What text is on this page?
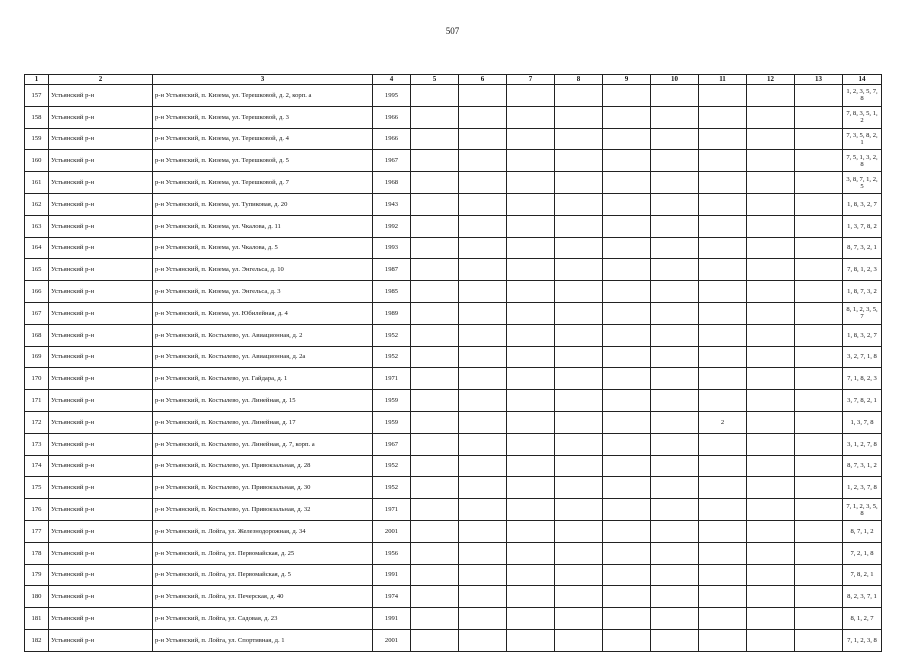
507
1	2	3	4	5	6	7	8	9	10	11	12	13	14
157	Устьянский р-н	р-н Устьянский, п. Кизема, ул. Терешковой, д. 2, корп. а	1995										1, 2, 3, 5, 7, 8
158	Устьянский р-н	р-н Устьянский, п. Кизема, ул. Терешковой, д. 3	1966										7, 8, 3, 5, 1, 2
159	Устьянский р-н	р-н Устьянский, п. Кизема, ул. Терешковой, д. 4	1966										7, 3, 5, 8, 2, 1
160	Устьянский р-н	р-н Устьянский, п. Кизема, ул. Терешковой, д. 5	1967										7, 5, 1, 3, 2, 8
161	Устьянский р-н	р-н Устьянский, п. Кизема, ул. Терешковой, д. 7	1968										3, 8, 7, 1, 2, 5
162	Устьянский р-н	р-н Устьянский, п. Кизема, ул. Тупиковая, д. 20	1943										1, 8, 3, 2, 7
163	Устьянский р-н	р-н Устьянский, п. Кизема, ул. Чкалова, д. 11	1992										1, 3, 7, 8, 2
164	Устьянский р-н	р-н Устьянский, п. Кизема, ул. Чкалова, д. 5	1993										8, 7, 3, 2, 1
165	Устьянский р-н	р-н Устьянский, п. Кизема, ул. Энгельса, д. 10	1987										7, 8, 1, 2, 3
166	Устьянский р-н	р-н Устьянский, п. Кизема, ул. Энгельса, д. 3	1985										1, 8, 7, 3, 2
167	Устьянский р-н	р-н Устьянский, п. Кизема, ул. Юбилейная, д. 4	1989										8, 1, 2, 3, 5, 7
168	Устьянский р-н	р-н Устьянский, п. Костылево, ул. Авиационная, д. 2	1952										1, 8, 3, 2, 7
169	Устьянский р-н	р-н Устьянский, п. Костылево, ул. Авиационная, д. 2а	1952										3, 2, 7, 1, 8
170	Устьянский р-н	р-н Устьянский, п. Костылево, ул. Гайдара, д. 1	1971										7, 1, 8, 2, 3
171	Устьянский р-н	р-н Устьянский, п. Костылево, ул. Линейная, д. 15	1959										3, 7, 8, 2, 1
172	Устьянский р-н	р-н Устьянский, п. Костылево, ул. Линейная, д. 17	1959							2			1, 3, 7, 8
173	Устьянский р-н	р-н Устьянский, п. Костылево, ул. Линейная, д. 7, корп. а	1967										3, 1, 2, 7, 8
174	Устьянский р-н	р-н Устьянский, п. Костылево, ул. Привокзальная, д. 28	1952										8, 7, 3, 1, 2
175	Устьянский р-н	р-н Устьянский, п. Костылево, ул. Привокзальная, д. 30	1952										1, 2, 3, 7, 8
176	Устьянский р-н	р-н Устьянский, п. Костылево, ул. Привокзальная, д. 32	1971										7, 1, 2, 3, 5, 8
177	Устьянский р-н	р-н Устьянский, п. Лойга, ул. Железнодорожная, д. 34	2001										8, 7, 1, 2
178	Устьянский р-н	р-н Устьянский, п. Лойга, ул. Первомайская, д. 25	1956										7, 2, 1, 8
179	Устьянский р-н	р-н Устьянский, п. Лойга, ул. Первомайская, д. 5	1991										7, 8, 2, 1
180	Устьянский р-н	р-н Устьянский, п. Лойга, ул. Печерская, д. 40	1974										8, 2, 3, 7, 1
181	Устьянский р-н	р-н Устьянский, п. Лойга, ул. Садовая, д. 23	1991										8, 1, 2, 7
182	Устьянский р-н	р-н Устьянский, п. Лойга, ул. Спортивная, д. 1	2001										7, 1, 2, 3, 8
